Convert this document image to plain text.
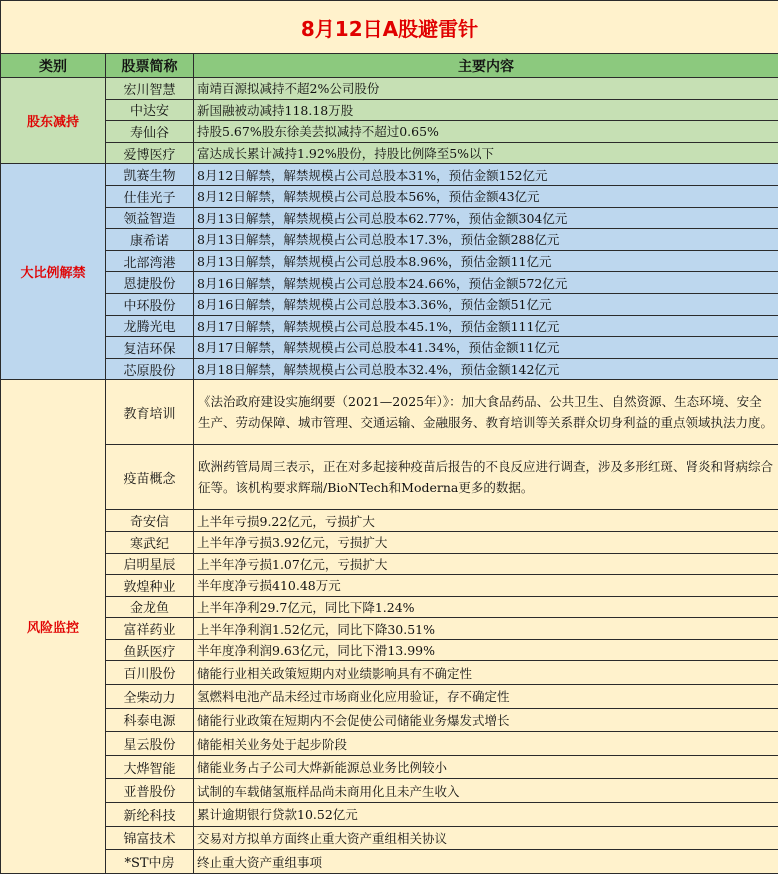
8月12日A股避雷针		
类别	股票简称	主要内容
股东减持	宏川智慧	南靖百源拟减持不超2%公司股份
	中达安	新国融被动减持118.18万股
	寿仙谷	持股5.67%股东徐美芸拟减持不超过0.65%
	爱博医疗	富达成长累计减持1.92%股份，持股比例降至5%以下
大比例解禁	凯赛生物	8月12日解禁，解禁规模占公司总股本31%，预估金额152亿元
	仕佳光子	8月12日解禁，解禁规模占公司总股本56%，预估金额43亿元
	领益智造	8月13日解禁，解禁规模占公司总股本62.77%，预估金额304亿元
	康希诺	8月13日解禁，解禁规模占公司总股本17.3%，预估金额288亿元
	北部湾港	8月13日解禁，解禁规模占公司总股本8.96%，预估金额11亿元
	恩捷股份	8月16日解禁，解禁规模占公司总股本24.66%，预估金额572亿元
	中环股份	8月16日解禁，解禁规模占公司总股本3.36%，预估金额51亿元
	龙腾光电	8月17日解禁，解禁规模占公司总股本45.1%，预估金额111亿元
	复洁环保	8月17日解禁，解禁规模占公司总股本41.34%，预估金额11亿元
	芯原股份	8月18日解禁，解禁规模占公司总股本32.4%，预估金额142亿元
风险监控	教育培训	《法治政府建设实施纲要（2021—2025年）》：加大食品药品、公共卫生、自然资源、生态环境、安全生产、劳动保障、城市管理、交通运输、金融服务、教育培训等关系群众切身利益的重点领域执法力度。
	疫苗概念	欧洲药管局周三表示，正在对多起接种疫苗后报告的不良反应进行调查，涉及多形红斑、肾炎和肾病综合征等。该机构要求辉瑞/BioNTech和Moderna更多的数据。
	奇安信	上半年亏损9.22亿元，亏损扩大
	寒武纪	上半年净亏损3.92亿元，亏损扩大
	启明星辰	上半年净亏损1.07亿元，亏损扩大
	敦煌种业	半年度净亏损410.48万元
	金龙鱼	上半年净利29.7亿元，同比下降1.24%
	富祥药业	上半年净利润1.52亿元，同比下降30.51%
	鱼跃医疗	半年度净利润9.63亿元，同比下滑13.99%
	百川股份	储能行业相关政策短期内对业绩影响具有不确定性
	全柴动力	氢燃料电池产品未经过市场商业化应用验证，存不确定性
	科泰电源	储能行业政策在短期内不会促使公司储能业务爆发式增长
	星云股份	储能相关业务处于起步阶段
	大烨智能	储能业务占子公司大烨新能源总业务比例较小
	亚普股份	试制的车载储氢瓶样品尚未商用化且未产生收入
	新纶科技	累计逾期银行贷款10.52亿元
	锦富技术	交易对方拟单方面终止重大资产重组相关协议
	*ST中房	终止重大资产重组事项
